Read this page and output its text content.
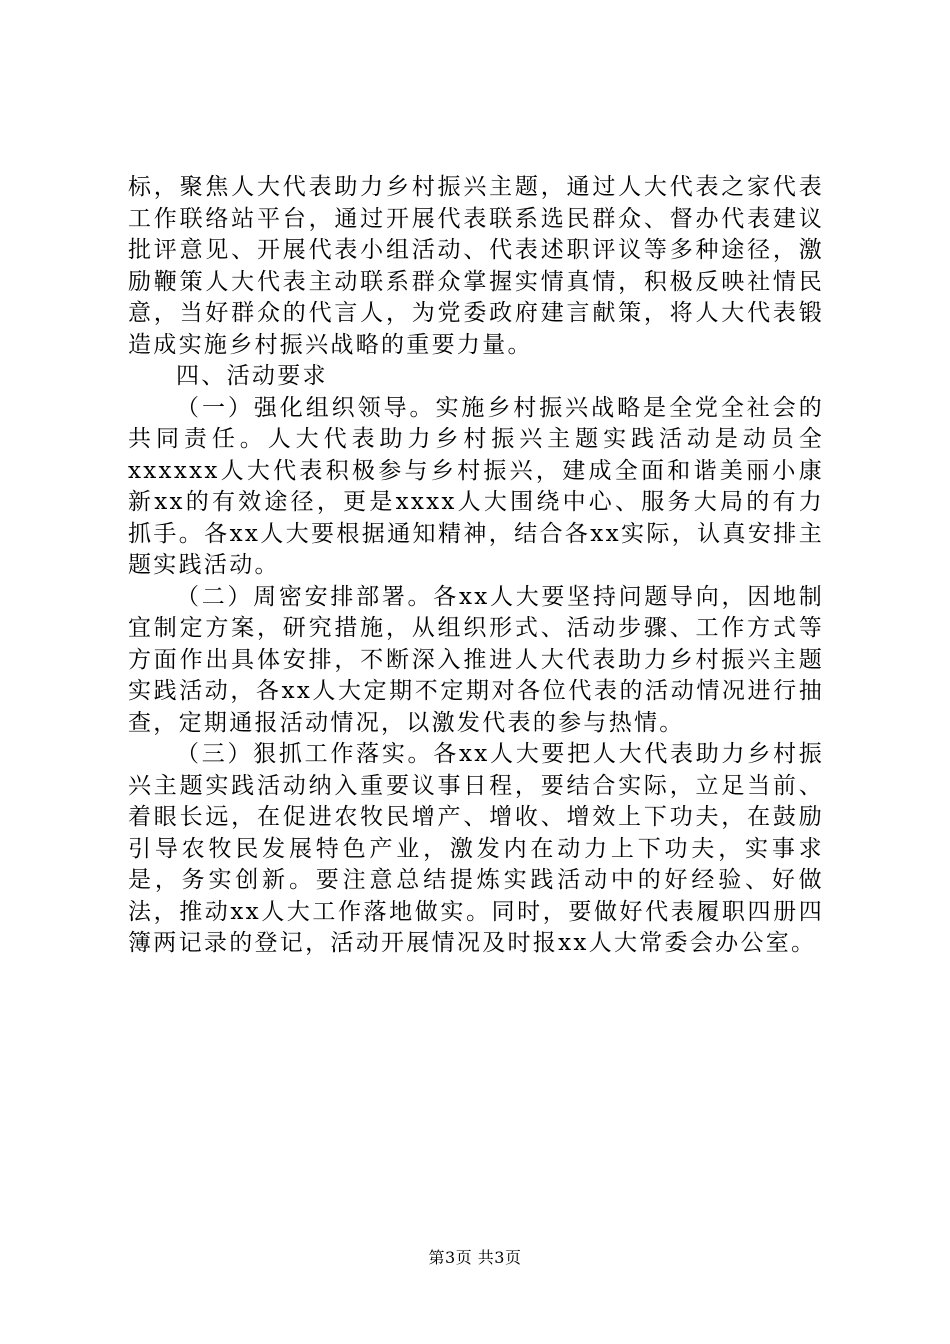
标，聚焦人大代表助力乡村振兴主题，通过人大代表之家代表工作联络站平台，通过开展代表联系选民群众、督办代表建议批评意见、开展代表小组活动、代表述职评议等多种途径，激励鞭策人大代表主动联系群众掌握实情真情，积极反映社情民意，当好群众的代言人，为党委政府建言献策，将人大代表锻造成实施乡村振兴战略的重要力量。

四、活动要求

（一）强化组织领导。实施乡村振兴战略是全党全社会的共同责任。人大代表助力乡村振兴主题实践活动是动员全xxxxxx人大代表积极参与乡村振兴，建成全面和谐美丽小康新xx的有效途径，更是xxxx人大围绕中心、服务大局的有力抓手。各xx人大要根据通知精神，结合各xx实际，认真安排主题实践活动。

（二）周密安排部署。各xx人大要坚持问题导向，因地制宜制定方案，研究措施，从组织形式、活动步骤、工作方式等方面作出具体安排，不断深入推进人大代表助力乡村振兴主题实践活动，各xx人大定期不定期对各位代表的活动情况进行抽查，定期通报活动情况，以激发代表的参与热情。

（三）狠抓工作落实。各xx人大要把人大代表助力乡村振兴主题实践活动纳入重要议事日程，要结合实际，立足当前、着眼长远，在促进农牧民增产、增收、增效上下功夫，在鼓励引导农牧民发展特色产业，激发内在动力上下功夫，实事求是，务实创新。要注意总结提炼实践活动中的好经验、好做法，推动xx人大工作落地做实。同时，要做好代表履职四册四簿两记录的登记，活动开展情况及时报xx人大常委会办公室。

第3页 共3页
